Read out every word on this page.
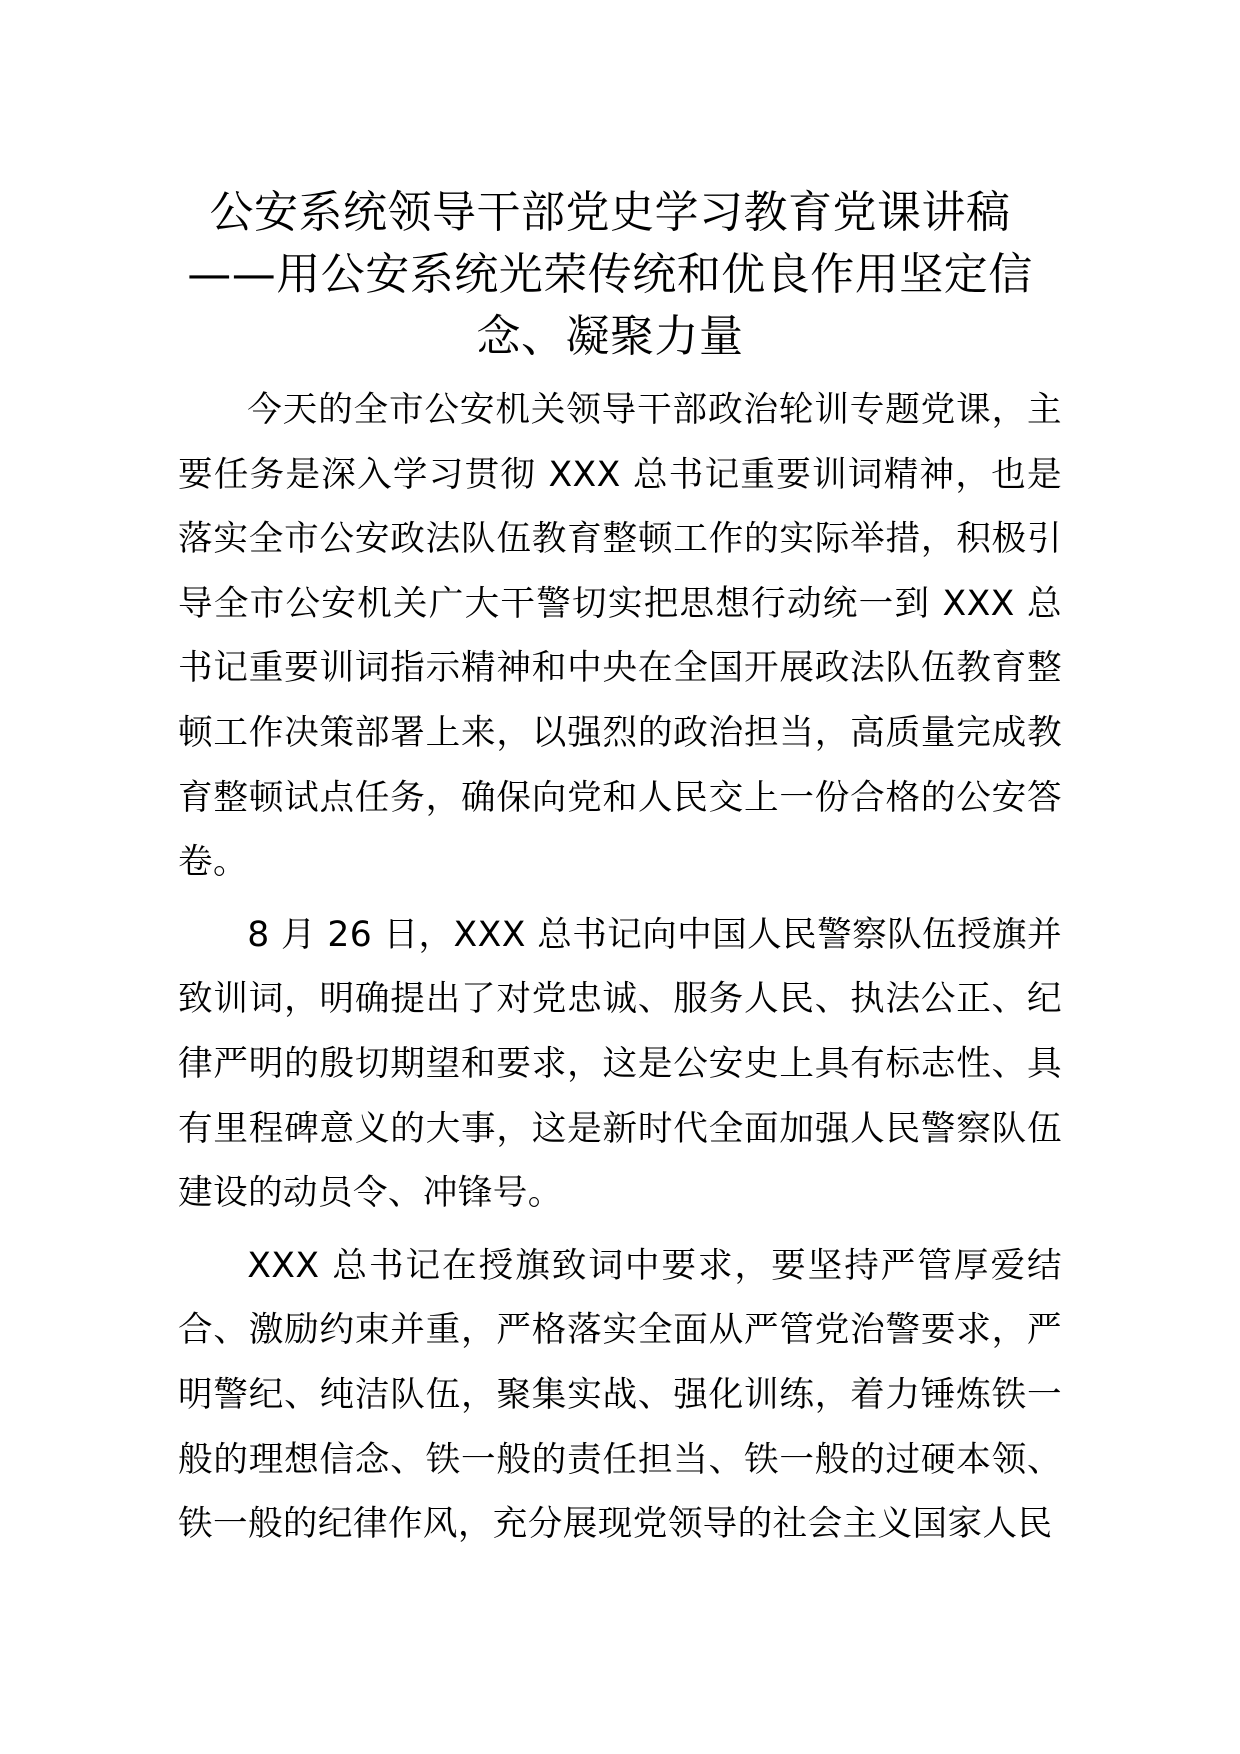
公安系统领导干部党史学习教育党课讲稿
——用公安系统光荣传统和优良作用坚定信
念、凝聚力量

今天的全市公安机关领导干部政治轮训专题党课，主要任务是深入学习贯彻 XXX 总书记重要训词精神，也是落实全市公安政法队伍教育整顿工作的实际举措，积极引导全市公安机关广大干警切实把思想行动统一到 XXX 总书记重要训词指示精神和中央在全国开展政法队伍教育整顿工作决策部署上来，以强烈的政治担当，高质量完成教育整顿试点任务，确保向党和人民交上一份合格的公安答卷。

8 月 26 日，XXX 总书记向中国人民警察队伍授旗并致训词，明确提出了对党忠诚、服务人民、执法公正、纪律严明的殷切期望和要求，这是公安史上具有标志性、具有里程碑意义的大事，这是新时代全面加强人民警察队伍建设的动员令、冲锋号。

XXX 总书记在授旗致词中要求，要坚持严管厚爱结合、激励约束并重，严格落实全面从严管党治警要求，严明警纪、纯洁队伍，聚集实战、强化训练，着力锤炼铁一般的理想信念、铁一般的责任担当、铁一般的过硬本领、铁一般的纪律作风，充分展现党领导的社会主义国家人民
